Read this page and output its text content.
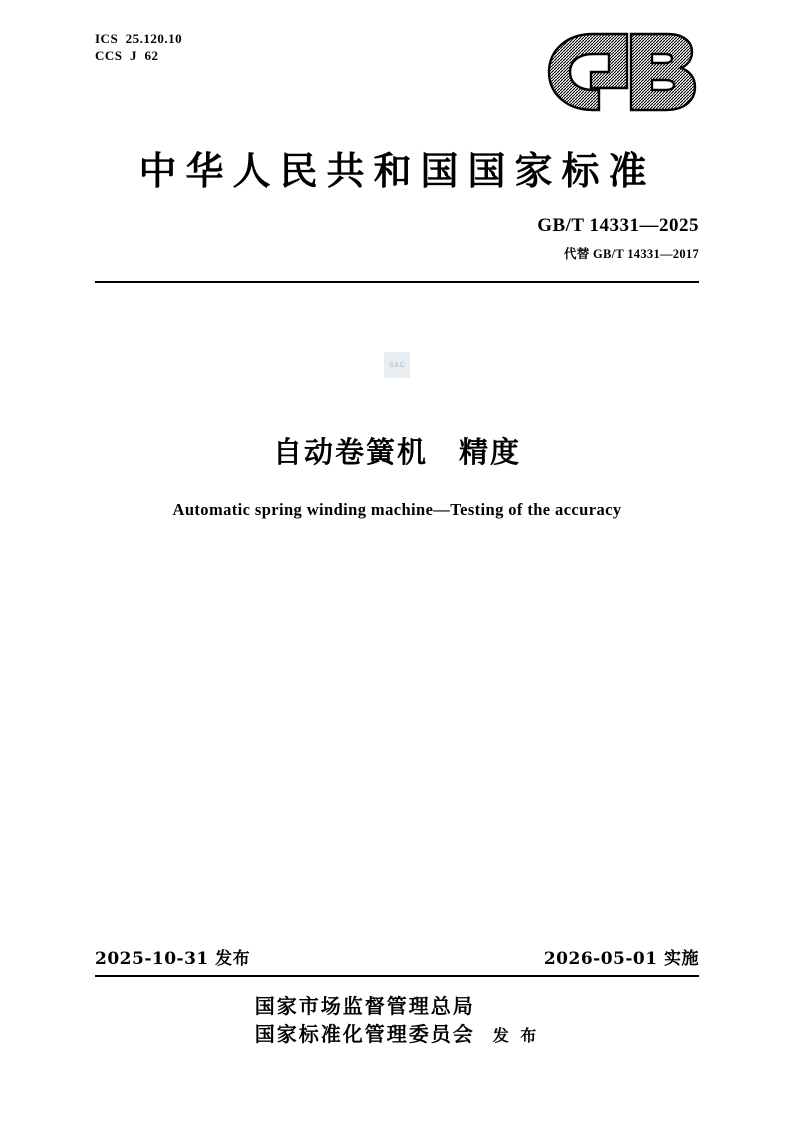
ICS  25.120.10
CCS  J  62
中华人民共和国国家标准
GB/T 14331—2025
代替 GB/T 14331—2017
SAC
自动卷簧机　精度
Automatic spring winding machine—Testing of the accuracy
2025-10-31 发布	2026-05-01 实施
国家市场监督管理总局
国家标准化管理委员会 发 布
